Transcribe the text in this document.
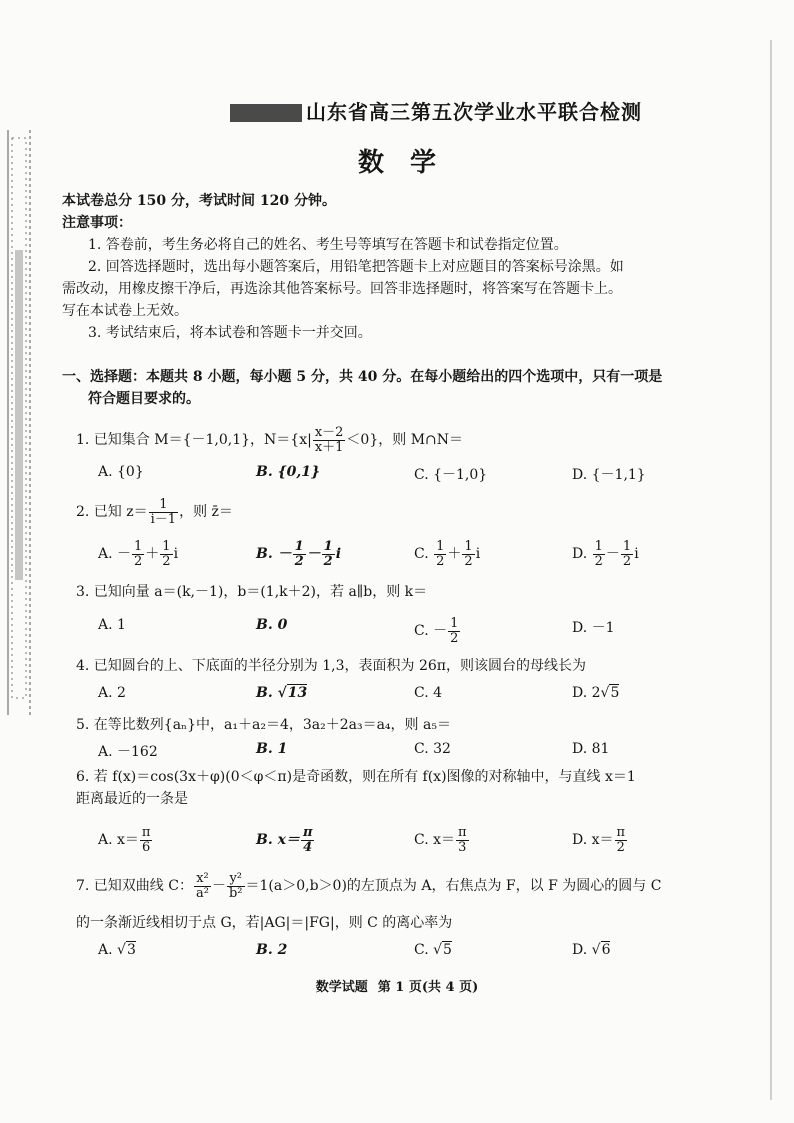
山东省高三第五次学业水平联合检测
数学

本试卷总分 150 分，考试时间 120 分钟。

注意事项：

1. 答卷前，考生务必将自己的姓名、考生号等填写在答题卡和试卷指定位置。

2. 回答选择题时，选出每小题答案后，用铅笔把答题卡上对应题目的答案标号涂黑。如

需改动，用橡皮擦干净后，再选涂其他答案标号。回答非选择题时，将答案写在答题卡上。

写在本试卷上无效。

3. 考试结束后，将本试卷和答题卡一并交回。

一、选择题：本题共 8 小题，每小题 5 分，共 40 分。在每小题给出的四个选项中，只有一项是
符合题目要求的。
1. 已知集合 M＝{－1,0,1}，$N=\{x| \frac{x-2}{x+1} <0\}$，则 M∩N＝
A. {0}	B. {0,1}	C. {－1,0}	D. {－1,1}
2. 已知 $z= \frac{1}{i-1}$ ，则 z̄＝
A. － $\frac{1}{2} + \frac{1}{2}$ i	B. － $\frac{1}{2} - \frac{1}{2}$ i	C. $\frac{1}{2} + \frac{1}{2}$ i	D. $\frac{1}{2} - \frac{1}{2}$ i
3. 已知向量 a＝(k,－1)，b＝(1,k＋2)，若 a∥b，则 k＝
A. 1	B. 0	C. － $\frac{1}{2}$	D. －1
4. 已知圆台的上、下底面的半径分别为 1,3，表面积为 26π，则该圆台的母线长为
A. 2	B. √13	C. 4	D. 2√5
5. 在等比数列{aₙ}中，a₁＋a₂＝4，3a₂＋2a₃＝a₄，则 a₅＝
A. －162	B. 1	C. 32	D. 81
6. 若 f(x)＝cos(3x＋φ)(0＜φ＜π)是奇函数，则在所有 f(x)图像的对称轴中，与直线 x＝1
距离最近的一条是
A. $x= \frac{\pi}{6}$	B. $x= \frac{\pi}{4}$	C. $x= \frac{\pi}{3}$	D. $x= \frac{\pi}{2}$
7. 已知双曲线 C： $\frac{\text{x²}}{\text{a²}} - \frac{\text{y²}}{\text{b²}} =1(a>0,b>0)$的左顶点为 A，右焦点为 F，以 F 为圆心的圆与 C
的一条渐近线相切于点 G，若|AG|＝|FG|，则 C 的离心率为
A. √3	B. 2	C. √5	D. √6
数学试题 第 1 页(共 4 页)
